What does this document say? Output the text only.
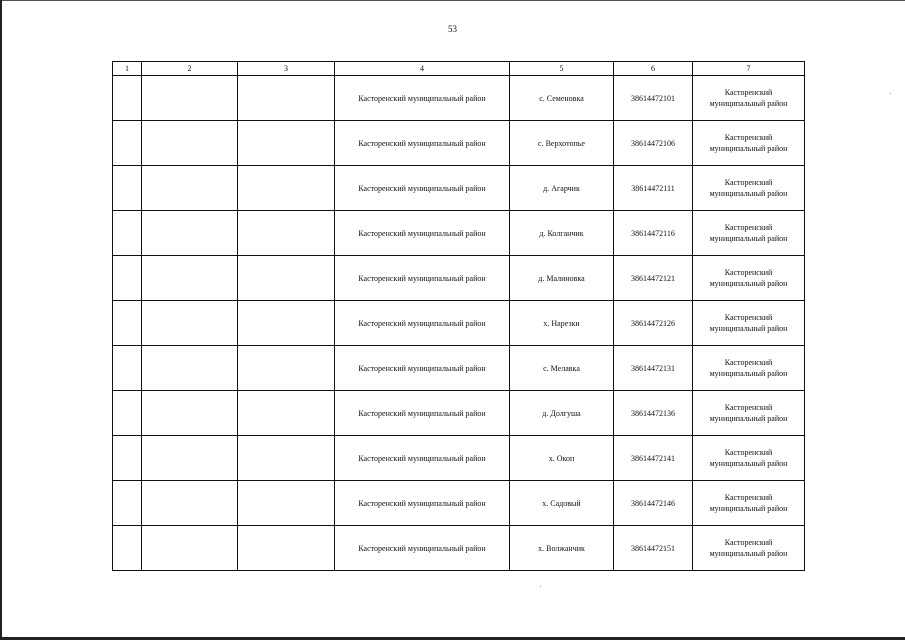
53
1	2	3	4	5	6	7
			Касторенский муниципальный район	с. Семеновка	38614472101	Касторенский муниципальный район
			Касторенский муниципальный район	с. Верхотопье	38614472106	Касторенский муниципальный район
			Касторенский муниципальный район	д. Агарчик	38614472111	Касторенский муниципальный район
			Касторенский муниципальный район	д. Колганчик	38614472116	Касторенский муниципальный район
			Касторенский муниципальный район	д. Малиновка	38614472121	Касторенский муниципальный район
			Касторенский муниципальный район	х. Нарезки	38614472126	Касторенский муниципальный район
			Касторенский муниципальный район	с. Мелавка	38614472131	Касторенский муниципальный район
			Касторенский муниципальный район	д. Долгуша	38614472136	Касторенский муниципальный район
			Касторенский муниципальный район	х. Окоп	38614472141	Касторенский муниципальный район
			Касторенский муниципальный район	х. Садовый	38614472146	Касторенский муниципальный район
			Касторенский муниципальный район	х. Волжанчик	38614472151	Касторенский муниципальный район
